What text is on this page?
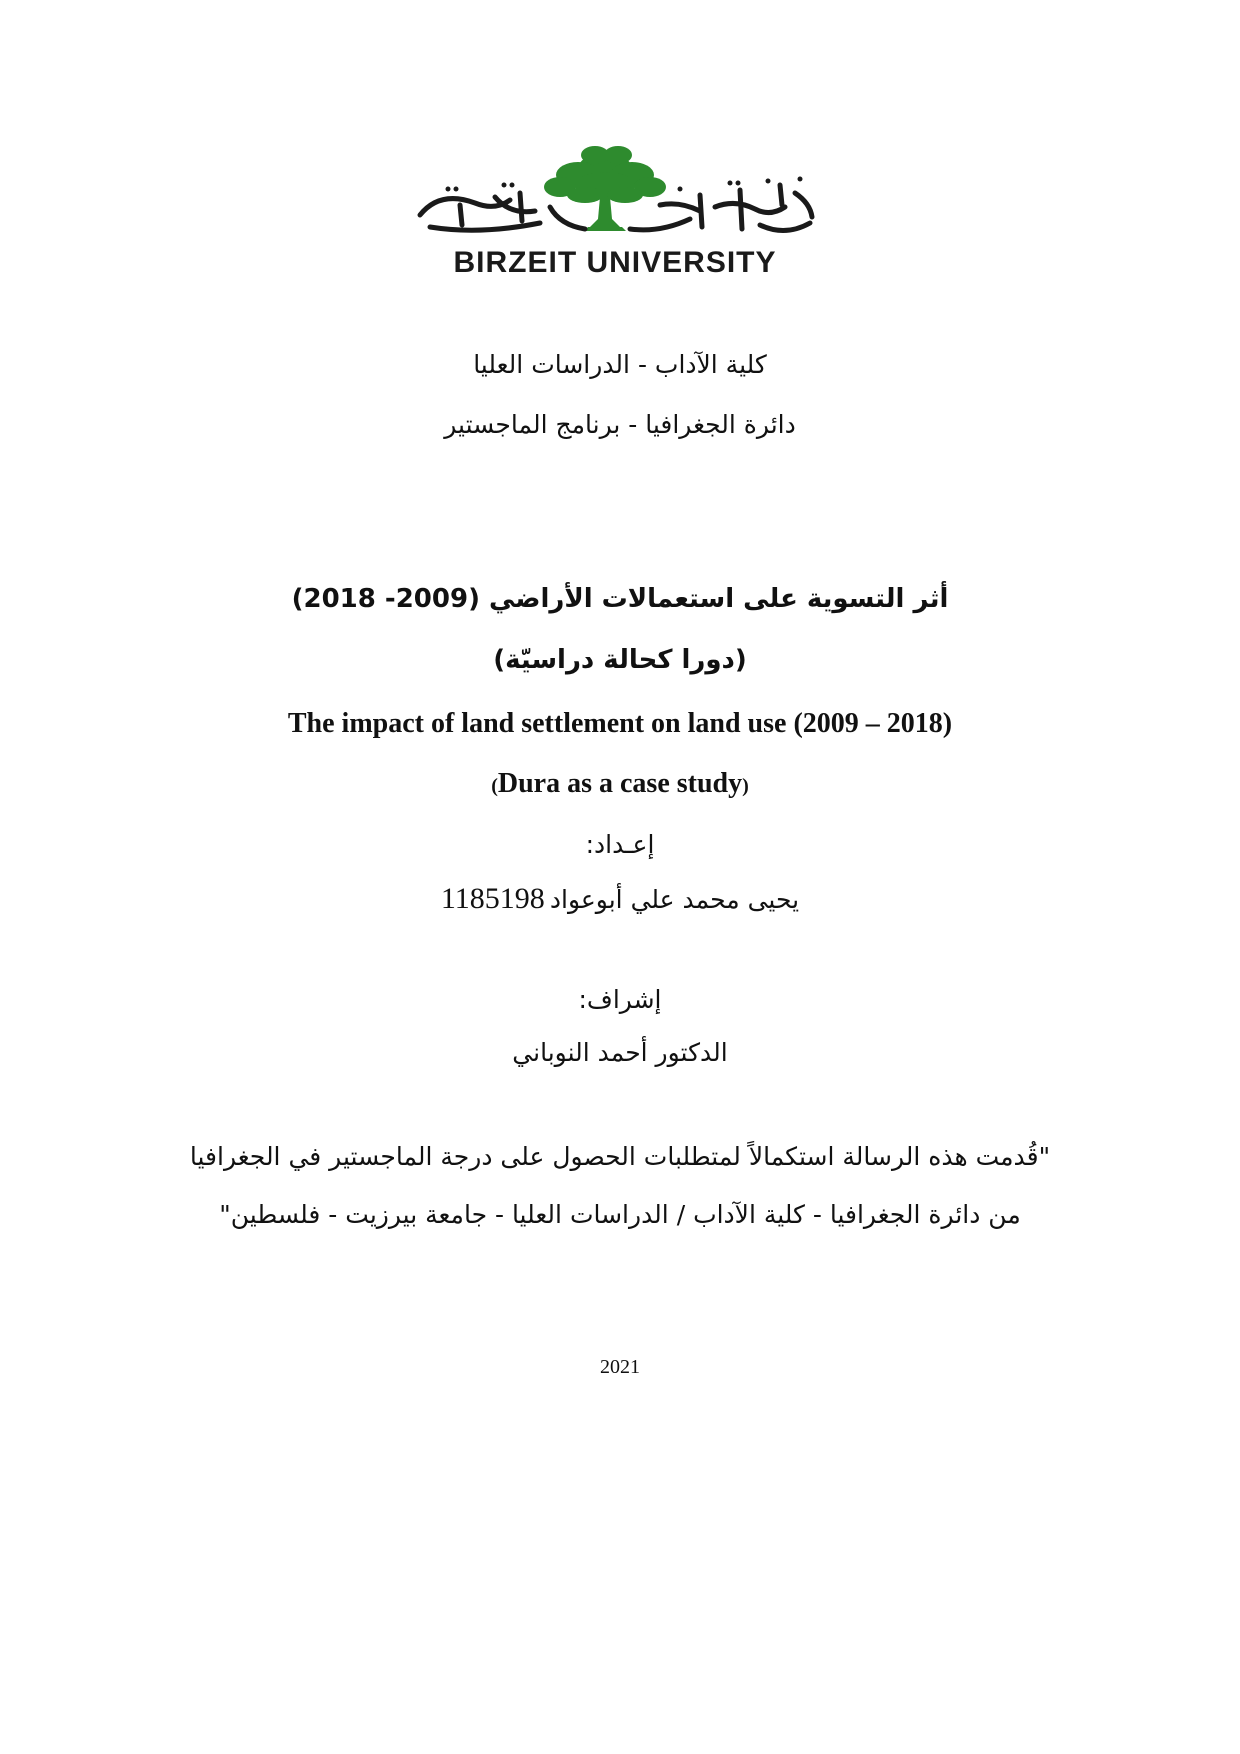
BIRZEIT UNIVERSITY
كلية الآداب - الدراسات العليا
دائرة الجغرافيا - برنامج الماجستير
أثر التسوية على استعمالات الأراضي (2009- 2018)
(دورا كحالة دراسيّة)
The impact of land settlement on land use (2009 – 2018)
(Dura as a case study)
إعـداد:
يحيى محمد علي أبوعواد 1185198
إشراف:
الدكتور أحمد النوباني
"قُدمت هذه الرسالة استكمالاً لمتطلبات الحصول على درجة الماجستير في الجغرافيا
من دائرة الجغرافيا - كلية الآداب / الدراسات العليا - جامعة بيرزيت - فلسطين"
2021
